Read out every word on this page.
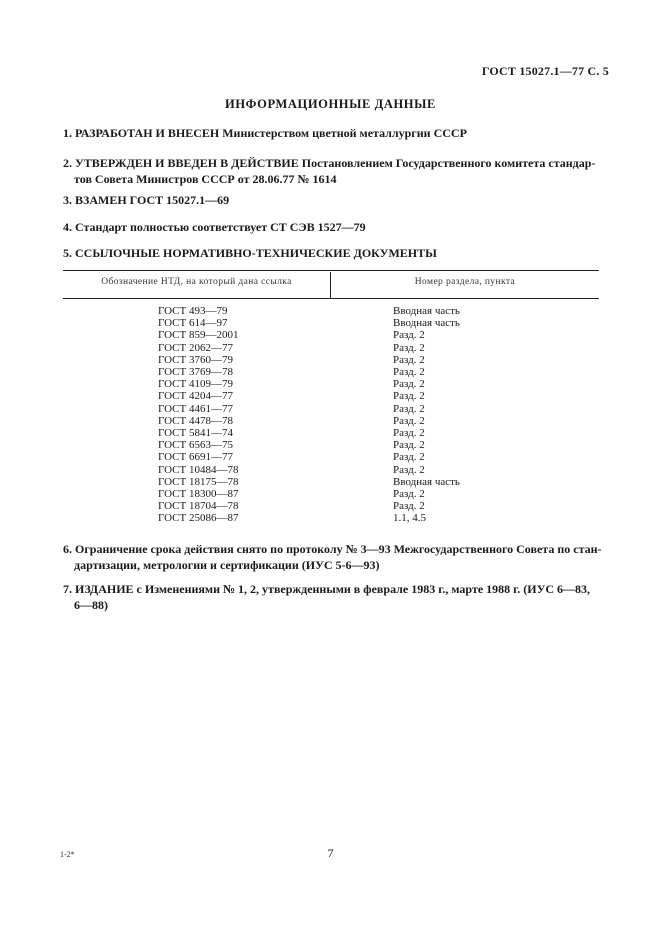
ГОСТ 15027.1—77 С. 5
ИНФОРМАЦИОННЫЕ ДАННЫЕ
1. РАЗРАБОТАН И ВНЕСЕН Министерством цветной металлургии СССР
2. УТВЕРЖДЕН И ВВЕДЕН В ДЕЙСТВИЕ Постановлением Государственного комитета стандар-
тов Совета Министров СССР от 28.06.77 № 1614
3. ВЗАМЕН ГОСТ 15027.1—69
4. Стандарт полностью соответствует СТ СЭВ 1527—79
5. ССЫЛОЧНЫЕ НОРМАТИВНО-ТЕХНИЧЕСКИЕ ДОКУМЕНТЫ
Обозначение НТД, на который дана ссылка	Номер раздела, пункта
ГОСТ 493—79
ГОСТ 614—97
ГОСТ 859—2001
ГОСТ 2062—77
ГОСТ 3760—79
ГОСТ 3769—78
ГОСТ 4109—79
ГОСТ 4204—77
ГОСТ 4461—77
ГОСТ 4478—78
ГОСТ 5841—74
ГОСТ 6563—75
ГОСТ 6691—77
ГОСТ 10484—78
ГОСТ 18175—78
ГОСТ 18300—87
ГОСТ 18704—78
ГОСТ 25086—87
Вводная часть
Вводная часть
Разд. 2
Разд. 2
Разд. 2
Разд. 2
Разд. 2
Разд. 2
Разд. 2
Разд. 2
Разд. 2
Разд. 2
Разд. 2
Разд. 2
Вводная часть
Разд. 2
Разд. 2
1.1, 4.5
6. Ограничение срока действия снято по протоколу № 3—93 Межгосударственного Совета по стан-
дартизации, метрологии и сертификации (ИУС 5-6—93)
7. ИЗДАНИЕ с Изменениями № 1, 2, утвержденными в феврале 1983 г., марте 1988 г. (ИУС 6—83,
6—88)
1-2*	7
